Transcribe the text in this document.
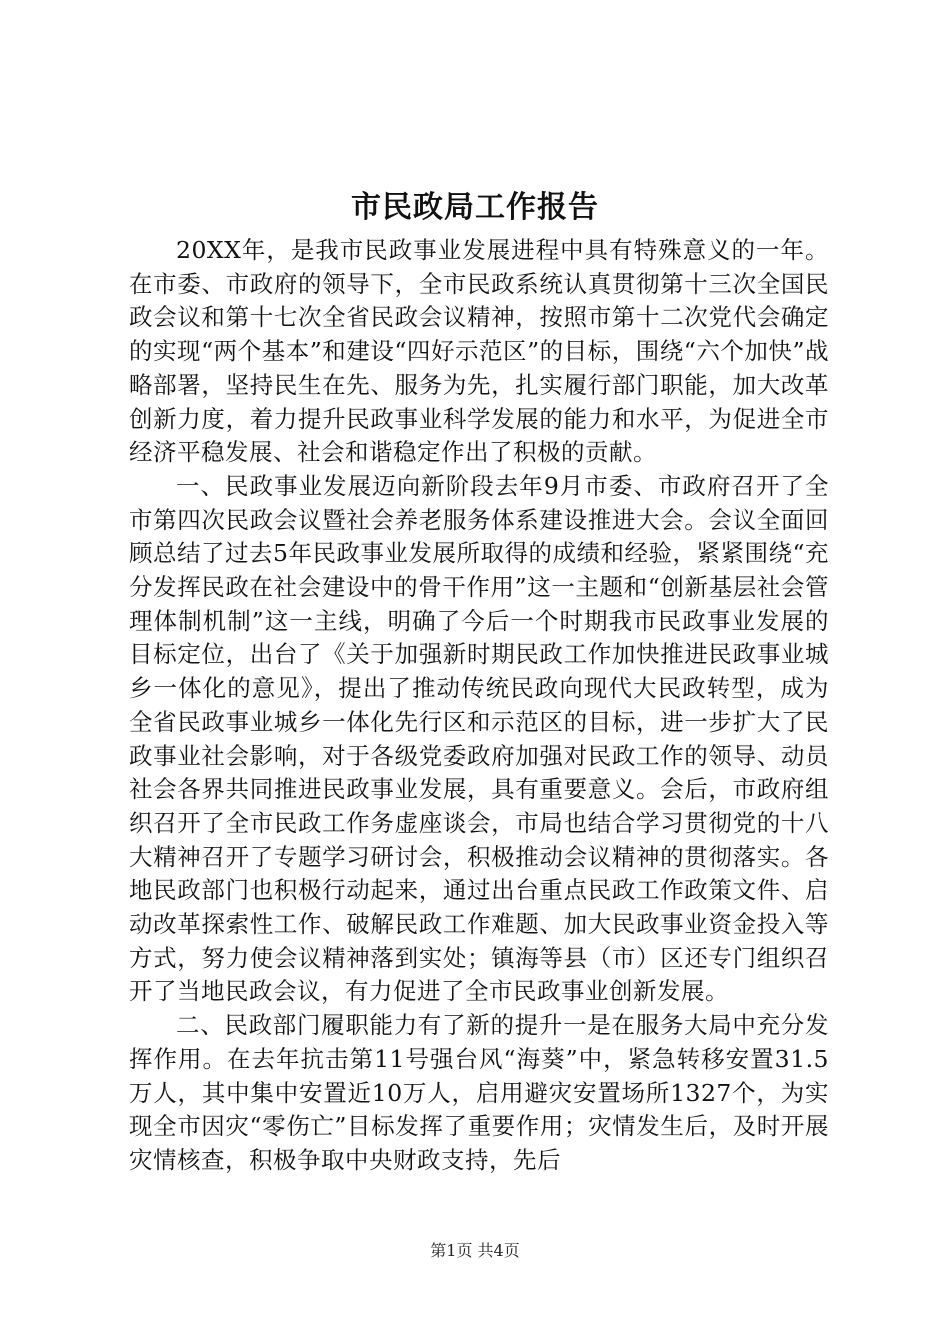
市民政局工作报告

20XX年，是我市民政事业发展进程中具有特殊意义的一年。在市委、市政府的领导下，全市民政系统认真贯彻第十三次全国民政会议和第十七次全省民政会议精神，按照市第十二次党代会确定的实现“两个基本”和建设“四好示范区”的目标，围绕“六个加快”战略部署，坚持民生在先、服务为先，扎实履行部门职能，加大改革创新力度，着力提升民政事业科学发展的能力和水平，为促进全市经济平稳发展、社会和谐稳定作出了积极的贡献。

一、民政事业发展迈向新阶段去年9月市委、市政府召开了全市第四次民政会议暨社会养老服务体系建设推进大会。会议全面回顾总结了过去5年民政事业发展所取得的成绩和经验，紧紧围绕“充分发挥民政在社会建设中的骨干作用”这一主题和“创新基层社会管理体制机制”这一主线，明确了今后一个时期我市民政事业发展的目标定位，出台了《关于加强新时期民政工作加快推进民政事业城乡一体化的意见》，提出了推动传统民政向现代大民政转型，成为全省民政事业城乡一体化先行区和示范区的目标，进一步扩大了民政事业社会影响，对于各级党委政府加强对民政工作的领导、动员社会各界共同推进民政事业发展，具有重要意义。会后，市政府组织召开了全市民政工作务虚座谈会，市局也结合学习贯彻党的十八大精神召开了专题学习研讨会，积极推动会议精神的贯彻落实。各地民政部门也积极行动起来，通过出台重点民政工作政策文件、启动改革探索性工作、破解民政工作难题、加大民政事业资金投入等方式，努力使会议精神落到实处；镇海等县（市）区还专门组织召开了当地民政会议，有力促进了全市民政事业创新发展。

二、民政部门履职能力有了新的提升一是在服务大局中充分发挥作用。在去年抗击第11号强台风“海葵”中，紧急转移安置31.5万人，其中集中安置近10万人，启用避灾安置场所1327个，为实现全市因灾“零伤亡”目标发挥了重要作用；灾情发生后，及时开展灾情核查，积极争取中央财政支持，先后

第1页 共4页
